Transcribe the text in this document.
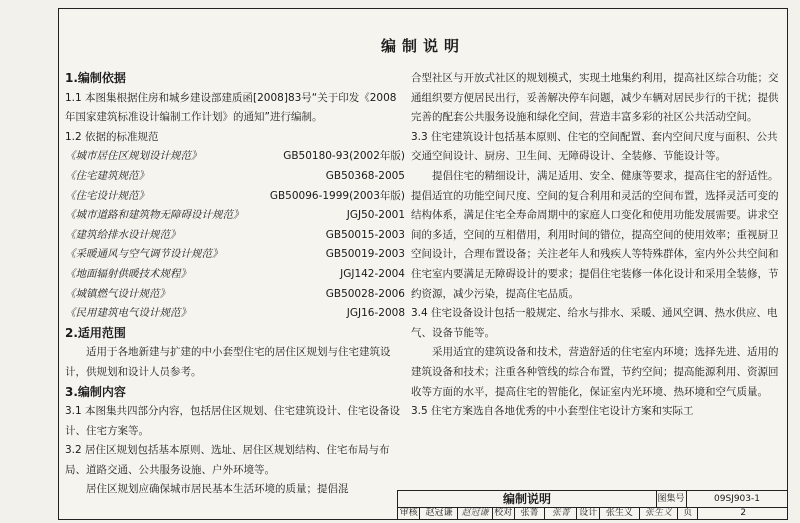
编制说明
1.编制依据
1.1 本图集根据住房和城乡建设部建质函[2008]83号“关于印发《2008年国家建筑标准设计编制工作计划》的通知”进行编制。
1.2 依据的标准规范
《城市居住区规划设计规范》	GB50180-93(2002年版)
《住宅建筑规范》	GB50368-2005
《住宅设计规范》	GB50096-1999(2003年版)
《城市道路和建筑物无障碍设计规范》	JGJ50-2001
《建筑给排水设计规范》	GB50015-2003
《采暖通风与空气调节设计规范》	GB50019-2003
《地面辐射供暖技术规程》	JGJ142-2004
《城镇燃气设计规范》	GB50028-2006
《民用建筑电气设计规范》	JGJ16-2008
2.适用范围
适用于各地新建与扩建的中小套型住宅的居住区规划与住宅建筑设计，供规划和设计人员参考。
3.编制内容
3.1 本图集共四部分内容，包括居住区规划、住宅建筑设计、住宅设备设计、住宅方案等。
3.2 居住区规划包括基本原则、选址、居住区规划结构、住宅布局与布局、道路交通、公共服务设施、户外环境等。
居住区规划应确保城市居民基本生活环境的质量；提倡混
合型社区与开放式社区的规划模式，实现土地集约利用，提高社区综合功能；交通组织要方便居民出行，妥善解决停车问题，减少车辆对居民步行的干扰；提供完善的配套公共服务设施和绿化空间，营造丰富多彩的社区公共活动空间。
3.3 住宅建筑设计包括基本原则、住宅的空间配置、套内空间尺度与面积、公共交通空间设计、厨房、卫生间、无障碍设计、全装修、节能设计等。
提倡住宅的精细设计，满足适用、安全、健康等要求，提高住宅的舒适性。提倡适宜的功能空间尺度、空间的复合利用和灵活的空间布置，选择灵活可变的结构体系，满足住宅全寿命周期中的家庭人口变化和使用功能发展需要。讲求空间的多适，空间的互相借用，利用时间的错位，提高空间的使用效率；重视厨卫空间设计，合理布置设备；关注老年人和残疾人等特殊群体，室内外公共空间和住宅室内要满足无障碍设计的要求；提倡住宅装修一体化设计和采用全装修，节约资源，减少污染，提高住宅品质。
3.4 住宅设备设计包括一般规定、给水与排水、采暖、通风空调、热水供应、电气、设备节能等。
采用适宜的建筑设备和技术，营造舒适的住宅室内环境；选择先进、适用的建筑设备和技术；注重各种管线的综合布置，节约空间；提高能源利用、资源回收等方面的水平，提高住宅的智能化，保证室内光环境、热环境和空气质量。
3.5 住宅方案选自各地优秀的中小套型住宅设计方案和实际工
编制说明	图集号	09SJ903-1
审核 赵冠谦	赵冠谦 校对 张菁	张菁	设计 张生义	张生义	页	2
